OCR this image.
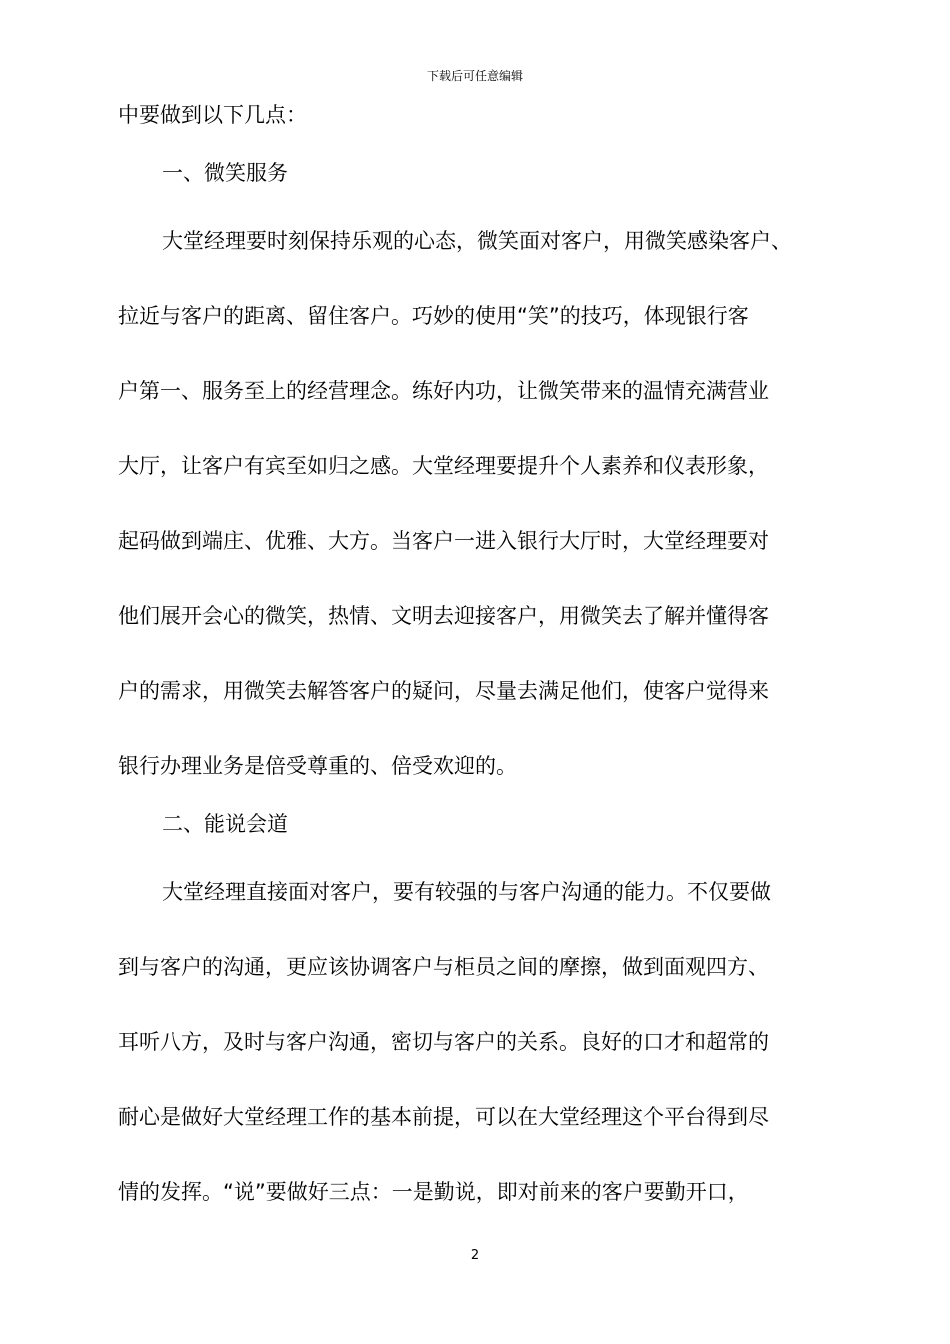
下载后可任意编辑

中要做到以下几点：

一、微笑服务

大堂经理要时刻保持乐观的心态，微笑面对客户，用微笑感染客户、

拉近与客户的距离、留住客户。巧妙的使用“笑”的技巧，体现银行客

户第一、服务至上的经营理念。练好内功，让微笑带来的温情充满营业

大厅，让客户有宾至如归之感。大堂经理要提升个人素养和仪表形象，

起码做到端庄、优雅、大方。当客户一进入银行大厅时，大堂经理要对

他们展开会心的微笑，热情、文明去迎接客户，用微笑去了解并懂得客

户的需求，用微笑去解答客户的疑问，尽量去满足他们，使客户觉得来

银行办理业务是倍受尊重的、倍受欢迎的。

二、能说会道

大堂经理直接面对客户，要有较强的与客户沟通的能力。不仅要做

到与客户的沟通，更应该协调客户与柜员之间的摩擦，做到面观四方、

耳听八方，及时与客户沟通，密切与客户的关系。良好的口才和超常的

耐心是做好大堂经理工作的基本前提，可以在大堂经理这个平台得到尽

情的发挥。“说”要做好三点：一是勤说，即对前来的客户要勤开口，

2
